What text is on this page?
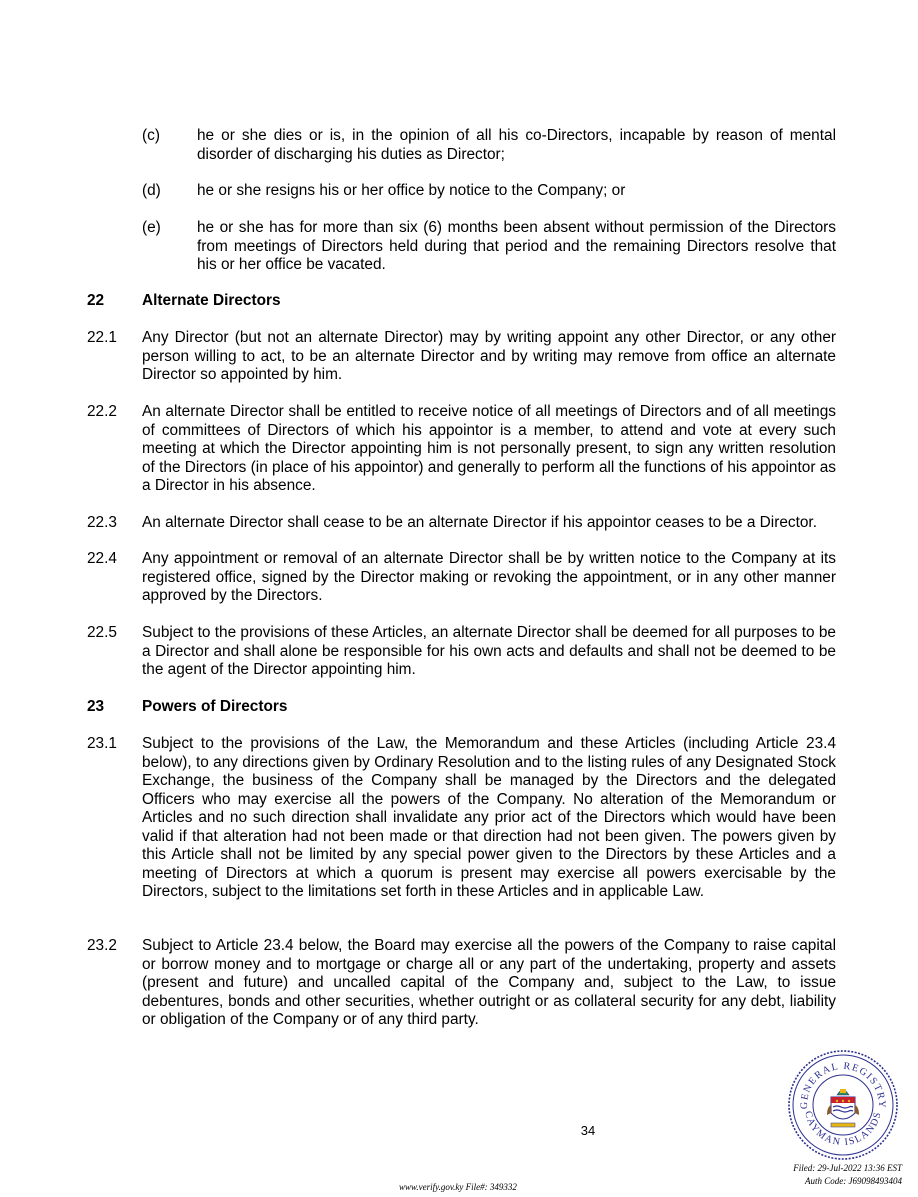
(c) he or she dies or is, in the opinion of all his co-Directors, incapable by reason of mental disorder of discharging his duties as Director;
(d) he or she resigns his or her office by notice to the Company; or
(e) he or she has for more than six (6) months been absent without permission of the Directors from meetings of Directors held during that period and the remaining Directors resolve that his or her office be vacated.
22 Alternate Directors
22.1 Any Director (but not an alternate Director) may by writing appoint any other Director, or any other person willing to act, to be an alternate Director and by writing may remove from office an alternate Director so appointed by him.
22.2 An alternate Director shall be entitled to receive notice of all meetings of Directors and of all meetings of committees of Directors of which his appointor is a member, to attend and vote at every such meeting at which the Director appointing him is not personally present, to sign any written resolution of the Directors (in place of his appointor) and generally to perform all the functions of his appointor as a Director in his absence.
22.3 An alternate Director shall cease to be an alternate Director if his appointor ceases to be a Director.
22.4 Any appointment or removal of an alternate Director shall be by written notice to the Company at its registered office, signed by the Director making or revoking the appointment, or in any other manner approved by the Directors.
22.5 Subject to the provisions of these Articles, an alternate Director shall be deemed for all purposes to be a Director and shall alone be responsible for his own acts and defaults and shall not be deemed to be the agent of the Director appointing him.
23 Powers of Directors
23.1 Subject to the provisions of the Law, the Memorandum and these Articles (including Article 23.4 below), to any directions given by Ordinary Resolution and to the listing rules of any Designated Stock Exchange, the business of the Company shall be managed by the Directors and the delegated Officers who may exercise all the powers of the Company. No alteration of the Memorandum or Articles and no such direction shall invalidate any prior act of the Directors which would have been valid if that alteration had not been made or that direction had not been given. The powers given by this Article shall not be limited by any special power given to the Directors by these Articles and a meeting of Directors at which a quorum is present may exercise all powers exercisable by the Directors, subject to the limitations set forth in these Articles and in applicable Law.
23.2 Subject to Article 23.4 below, the Board may exercise all the powers of the Company to raise capital or borrow money and to mortgage or charge all or any part of the undertaking, property and assets (present and future) and uncalled capital of the Company and, subject to the Law, to issue debentures, bonds and other securities, whether outright or as collateral security for any debt, liability or obligation of the Company or of any third party.
34
GENERAL REGISTRY
CAYMAN ISLANDS
Filed: 29-Jul-2022 13:36 EST
Auth Code: J69098493404
www.verify.gov.ky File#: 349332
